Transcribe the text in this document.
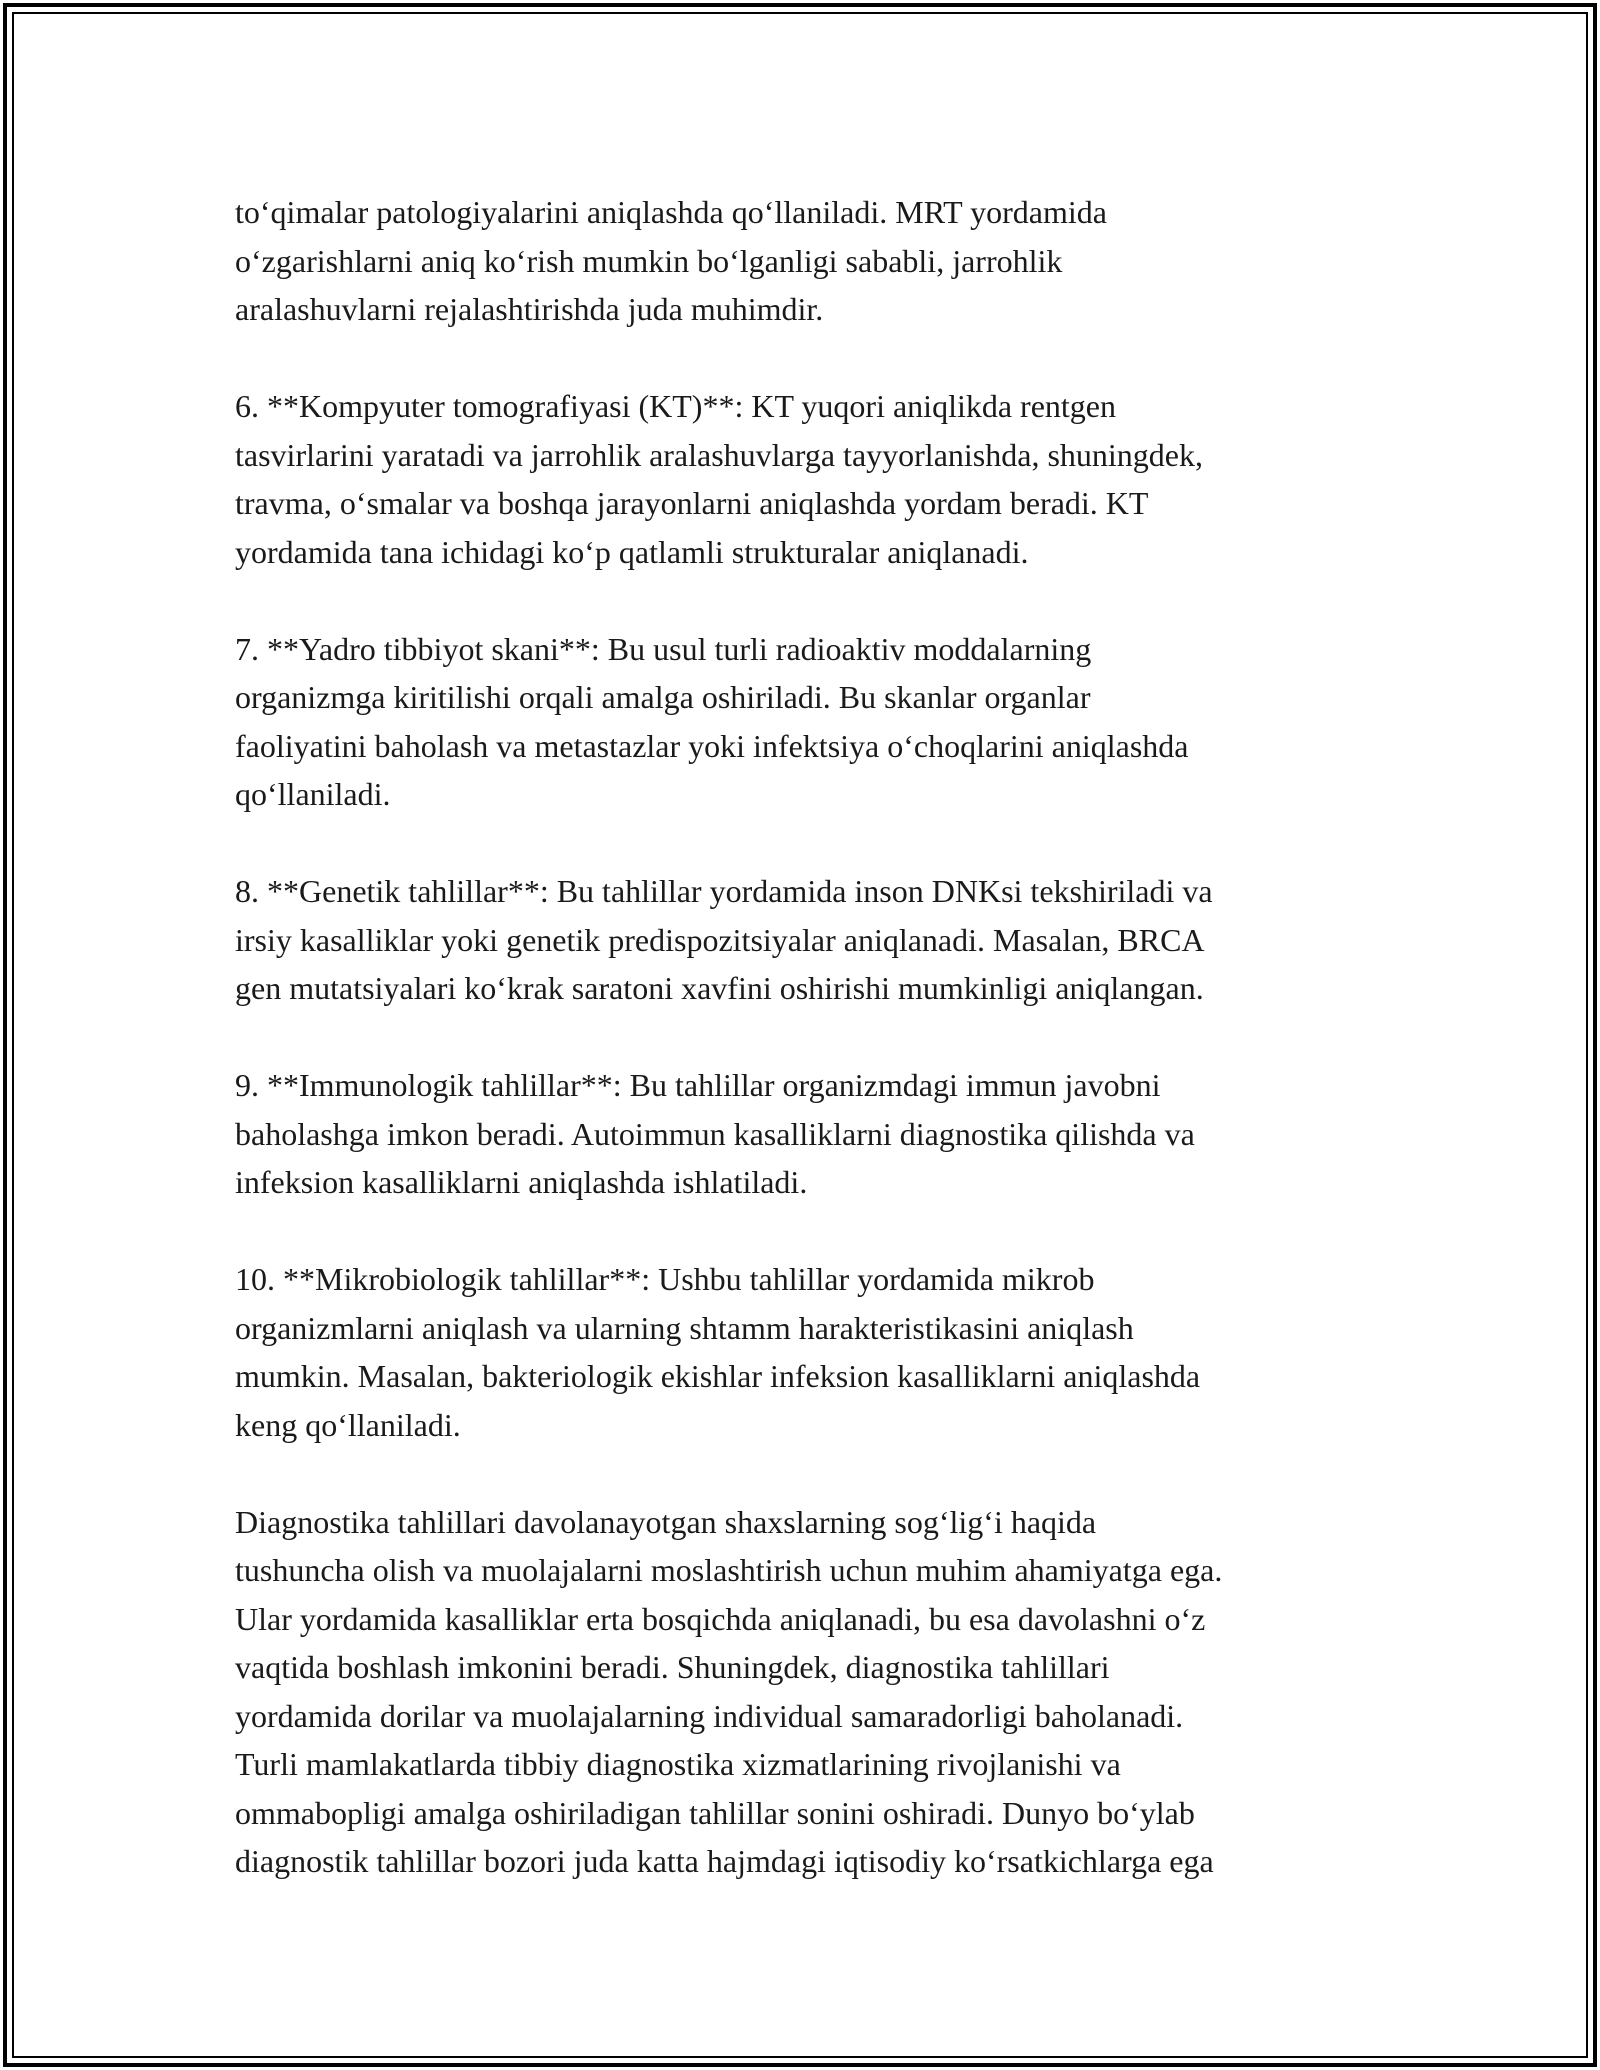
to‘qimalar patologiyalarini aniqlashda qo‘llaniladi. MRT yordamida
o‘zgarishlarni aniq ko‘rish mumkin bo‘lganligi sababli, jarrohlik
aralashuvlarni rejalashtirishda juda muhimdir.

6. **Kompyuter tomografiyasi (KT)**: KT yuqori aniqlikda rentgen
tasvirlarini yaratadi va jarrohlik aralashuvlarga tayyorlanishda, shuningdek,
travma, o‘smalar va boshqa jarayonlarni aniqlashda yordam beradi. KT
yordamida tana ichidagi ko‘p qatlamli strukturalar aniqlanadi.

7. **Yadro tibbiyot skani**: Bu usul turli radioaktiv moddalarning
organizmga kiritilishi orqali amalga oshiriladi. Bu skanlar organlar
faoliyatini baholash va metastazlar yoki infektsiya o‘choqlarini aniqlashda
qo‘llaniladi.

8. **Genetik tahlillar**: Bu tahlillar yordamida inson DNKsi tekshiriladi va
irsiy kasalliklar yoki genetik predispozitsiyalar aniqlanadi. Masalan, BRCA
gen mutatsiyalari ko‘krak saratoni xavfini oshirishi mumkinligi aniqlangan.

9. **Immunologik tahlillar**: Bu tahlillar organizmdagi immun javobni
baholashga imkon beradi. Autoimmun kasalliklarni diagnostika qilishda va
infeksion kasalliklarni aniqlashda ishlatiladi.

10. **Mikrobiologik tahlillar**: Ushbu tahlillar yordamida mikrob
organizmlarni aniqlash va ularning shtamm harakteristikasini aniqlash
mumkin. Masalan, bakteriologik ekishlar infeksion kasalliklarni aniqlashda
keng qo‘llaniladi.

Diagnostika tahlillari davolanayotgan shaxslarning sog‘lig‘i haqida
tushuncha olish va muolajalarni moslashtirish uchun muhim ahamiyatga ega.
Ular yordamida kasalliklar erta bosqichda aniqlanadi, bu esa davolashni o‘z
vaqtida boshlash imkonini beradi. Shuningdek, diagnostika tahlillari
yordamida dorilar va muolajalarning individual samaradorligi baholanadi.
Turli mamlakatlarda tibbiy diagnostika xizmatlarining rivojlanishi va
ommabopligi amalga oshiriladigan tahlillar sonini oshiradi. Dunyo bo‘ylab
diagnostik tahlillar bozori juda katta hajmdagi iqtisodiy ko‘rsatkichlarga ega
